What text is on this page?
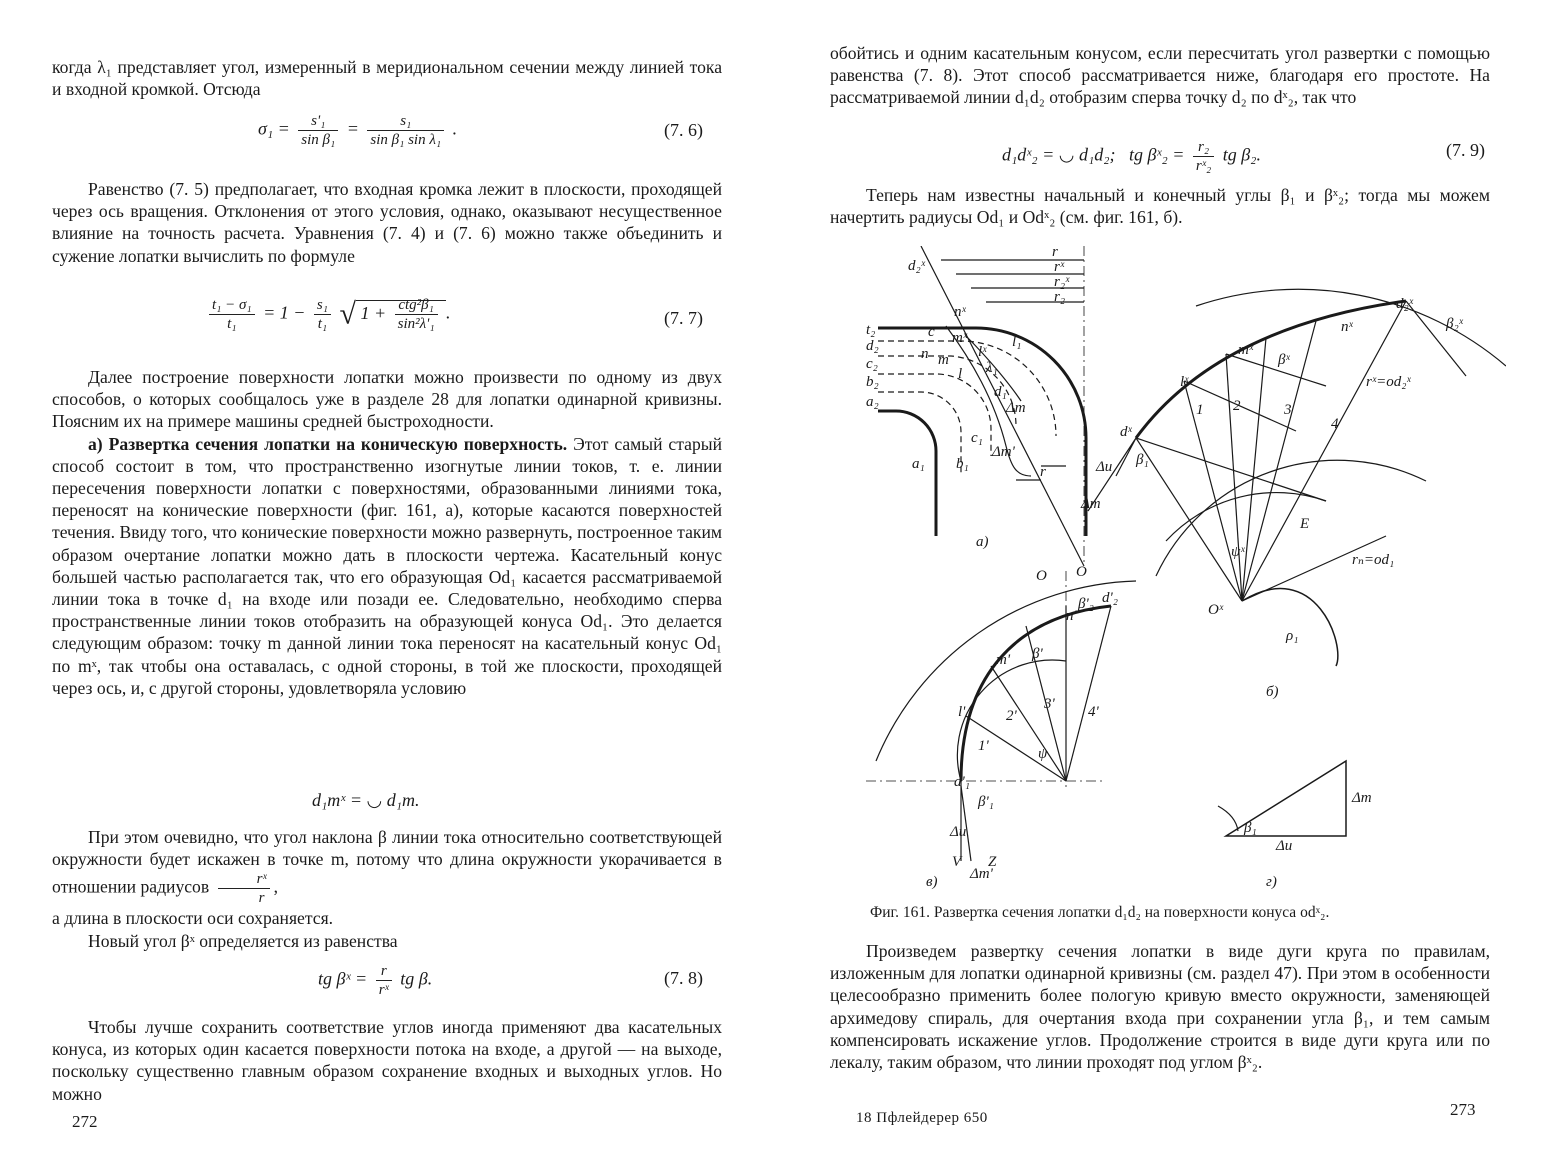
когда λ₁ представляет угол, измеренный в меридиональном сечении между линией тока и входной кромкой. Отсюда

$\sigma_1 = \frac{\text{s'₁}}{\text{sin β₁}} = \frac{\text{s₁}}{\text{sin β₁ sin λ₁}}$ .	(7. 6)

Равенство (7. 5) предполагает, что входная кромка лежит в плоскости, проходящей через ось вращения. Отклонения от этого условия, однако, оказывают несущественное влияние на точность расчета. Уравнения (7. 4) и (7. 6) можно также объединить и сужение лопатки вычислить по формуле

$\frac{\text{t₁ − σ₁}}{\text{t₁}} = 1 - \frac{\text{s₁}}{\text{t₁}}$ √ 1 + ctg²β₁
sin²λ'₁
.	(7. 7)

Далее построение поверхности лопатки можно произвести по одному из двух способов, о которых сообщалось уже в разделе 28 для лопатки одинарной кривизны. Поясним их на примере машины средней быстроходности.

а) Развертка сечения лопатки на коническую поверхность. Этот самый старый способ состоит в том, что пространственно изогнутые линии токов, т. е. линии пересечения поверхности лопатки с поверхностями, образованными линиями тока, переносят на конические поверхности (фиг. 161, а), которые касаются поверхностей течения. Ввиду того, что конические поверхности можно развернуть, построенное таким образом очертание лопатки можно дать в плоскости чертежа. Касательный конус большей частью располагается так, что его образующая Od₁ касается рассматриваемой линии тока в точке d₁ на входе или позади ее. Следовательно, необходимо сперва пространственные линии токов отобразить на образующей конуса Od₁. Это делается следующим образом: точку m данной линии тока переносят на касательный конус Od₁ по mˣ, так чтобы она оставалась, с одной стороны, в той же плоскости, проходящей через ось, и, с другой стороны, удовлетворяла условию

d₁mˣ = ◡ d₁m.

При этом очевидно, что угол наклона β линии тока относительно соответствующей окружности будет искажен в точке m, потому что длина окружности укорачивается в отношении радиусов $\frac{\text{rˣ}}{r}$ ,

а длина в плоскости оси сохраняется.

Новый угол βˣ определяется из равенства

tg βˣ = $\frac{r}{\text{rˣ}}$ tg β.	(7. 8)

Чтобы лучше сохранить соответствие углов иногда применяют два касательных конуса, из которых один касается поверхности потока на входе, а другой — на выходе, поскольку существенно главным образом сохранение входных и выходных углов. Но можно

272

обойтись и одним касательным конусом, если пересчитать угол развертки с помощью равенства (7. 8). Этот способ рассматривается ниже, благодаря его простоте. На рассматриваемой линии d₁d₂ отобразим сперва точку d₂ по dˣ₂, так что

d₁dˣ₂ = ◡ d₁d₂; tg βˣ₂ = $\frac{\text{r₂}}{\text{rˣ₂}}$ tg β₂.	(7. 9)

Теперь нам известны начальный и конечный углы β₁ и βˣ₂; тогда мы можем начертить радиусы Od₁ и Odˣ₂ (см. фиг. 161, б).

r
rˣ
r₂ˣ
r₂
d₂ˣ
nˣ
c
t₂
d₂
c₂
b₂
a₂
n m
mˣ
l
lˣ
l₁
λ₁
d₁
Δm
c₁
a₁ b₁
Δm'
r
O
а)
d₂ˣ
β₂ˣ
nˣ
mˣ
βˣ
lˣ
dˣ
β₁
Δu
Δm
1 2	3
4
E
ψˣ
Oˣ
rₙ=od₁
rˣ=od₂ˣ
ρ₁
б)
O
n'
d'₂
β'₂
m' β'
l'
1'
2'
3' 4'
ψ
d'₁
β'₁
Δu
V Z
Δm'
в)
Δm
β₁
Δu
г)
Фиг. 161. Развертка сечения лопатки d₁d₂ на поверхности конуса odˣ₂.

Произведем развертку сечения лопатки в виде дуги круга по правилам, изложенным для лопатки одинарной кривизны (см. раздел 47). При этом в особенности целесообразно применить более пологую кривую вместо окружности, заменяющей архимедову спираль, для очертания входа при сохранении угла β₁, и тем самым компенсировать искажение углов. Продолжение строится в виде дуги круга или по лекалу, таким образом, что линии проходят под углом βˣ₂.

18 Пфлейдерер 650	273
